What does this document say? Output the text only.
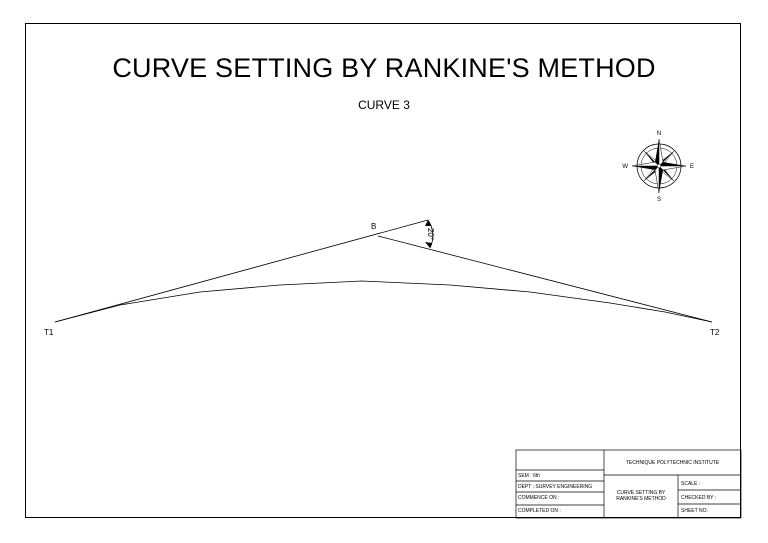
CURVE SETTING BY RANKINE'S METHOD
CURVE 3
20°
T1	T2
B
N
S
E
W
TECHNIQUE POLYTECHNIC INSTITUTE
SEM : 6th
DEPT : SURVEY ENGINEERING
COMMENCE ON :
COMPLETED ON :
CURVE SETTING BY
RANKINE'S METHOD
SCALE :
CHECKED BY :
SHEET NO.
